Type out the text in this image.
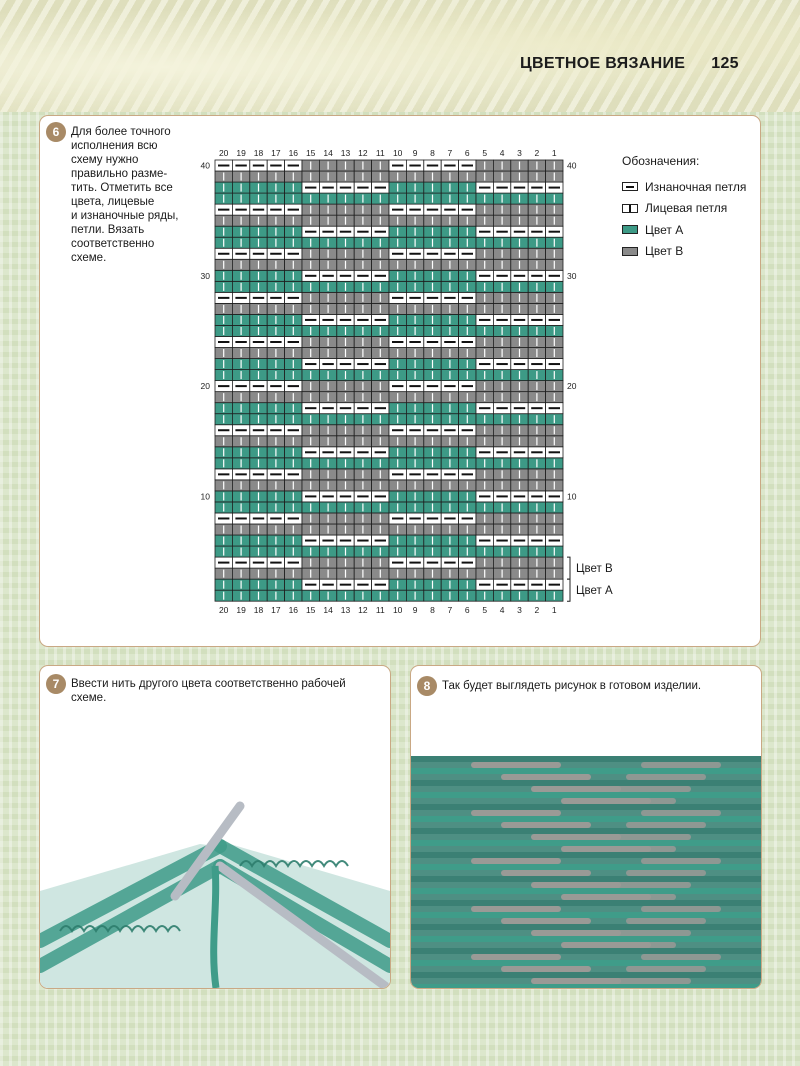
ЦВЕТНОЕ ВЯЗАНИЕ 125
6	Для более точного
исполнения всю
схему нужно
правильно разме-
тить. Отметить все
цвета, лицевые
и изнаночные ряды,
петли. Вязать
соответственно
схеме.
20
20
19
19
18
18
17
17
16
16
15
15
14
14
13
13
12
12
11
11
10
10
9
9
8
8
7
7
6
6
5
5
4
4
3
3
2
2
1
1
40	40
30	30
20	20
10	10
Цвет В
Цвет А
Обозначения:
Изнаночная петля
Лицевая петля
Цвет А
Цвет В
7	Ввести нить другого цвета соответственно рабочей схеме.
8	Так будет выглядеть рисунок в готовом изделии.
